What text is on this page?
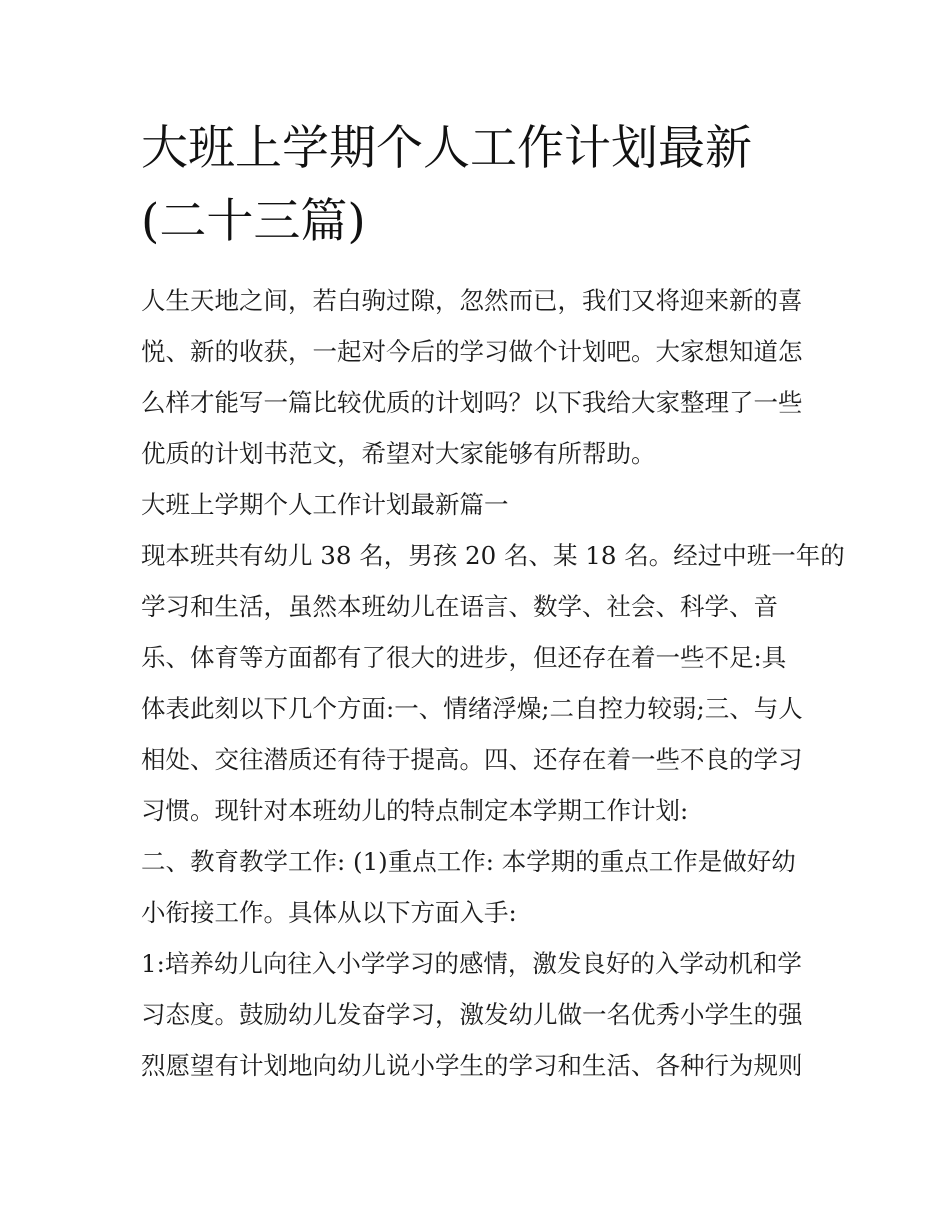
大班上学期个人工作计划最新
(二十三篇)

人生天地之间，若白驹过隙，忽然而已，我们又将迎来新的喜
悦、新的收获，一起对今后的学习做个计划吧。大家想知道怎
么样才能写一篇比较优质的计划吗？以下我给大家整理了一些
优质的计划书范文，希望对大家能够有所帮助。

大班上学期个人工作计划最新篇一

现本班共有幼儿 38 名，男孩 20 名、某 18 名。经过中班一年的
学习和生活，虽然本班幼儿在语言、数学、社会、科学、音
乐、体育等方面都有了很大的进步，但还存在着一些不足:具
体表此刻以下几个方面:一、情绪浮燥;二自控力较弱;三、与人
相处、交往潜质还有待于提高。四、还存在着一些不良的学习
习惯。现针对本班幼儿的特点制定本学期工作计划:

二、教育教学工作: (1)重点工作: 本学期的重点工作是做好幼
小衔接工作。具体从以下方面入手:

1:培养幼儿向往入小学学习的感情，激发良好的入学动机和学
习态度。鼓励幼儿发奋学习，激发幼儿做一名优秀小学生的强
烈愿望有计划地向幼儿说小学生的学习和生活、各种行为规则
